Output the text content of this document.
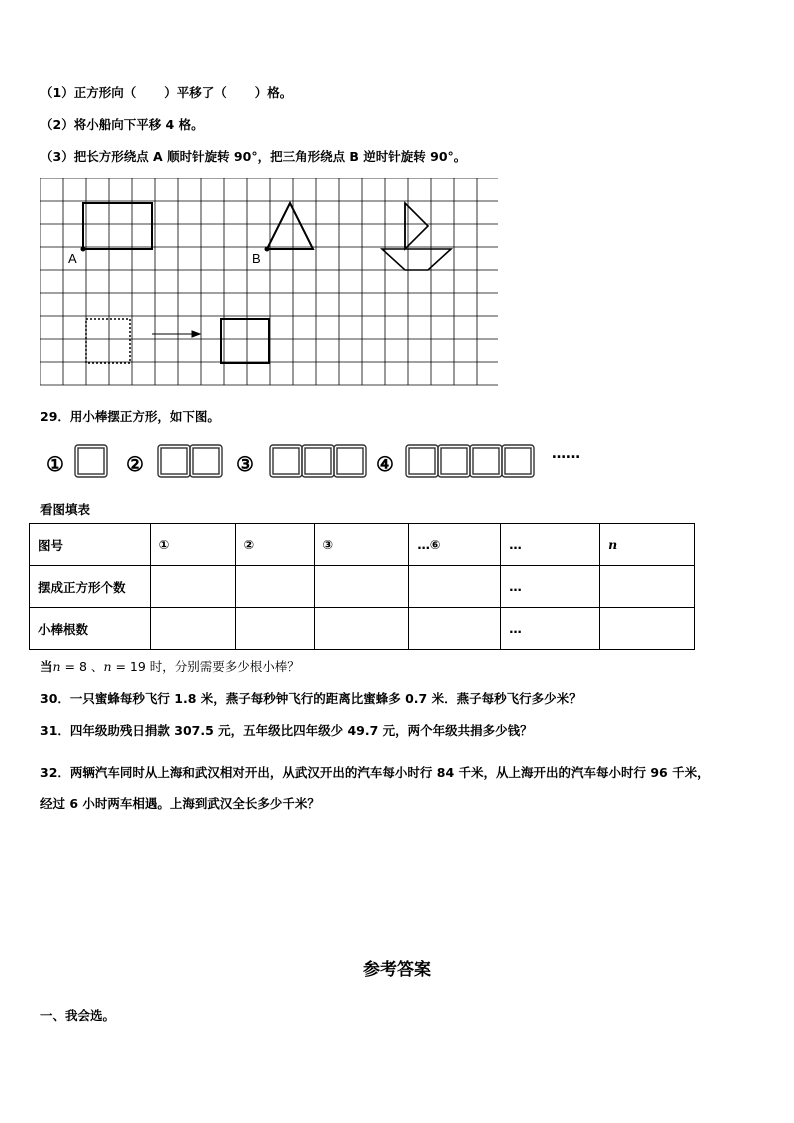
（1）正方形向（ ）平移了（ ）格。
（2）将小船向下平移 4 格。
（3）把长方形绕点 A 顺时针旋转 90°，把三角形绕点 B 逆时针旋转 90°。
A	B
29．用小棒摆正方形，如下图。
①	②	③	④	……
看图填表
图号	①	②	③	…⑥	…	n
摆成正方形个数					…	
小棒根数					…	
当n = 8 、n = 19 时，分别需要多少根小棒？
30．一只蜜蜂每秒飞行 1.8 米，燕子每秒钟飞行的距离比蜜蜂多 0.7 米．燕子每秒飞行多少米？
31．四年级助残日捐款 307.5 元，五年级比四年级少 49.7 元，两个年级共捐多少钱？
32．两辆汽车同时从上海和武汉相对开出，从武汉开出的汽车每小时行 84 千米，从上海开出的汽车每小时行 96 千米，
经过 6 小时两车相遇。上海到武汉全长多少千米？
参考答案
一、我会选。
